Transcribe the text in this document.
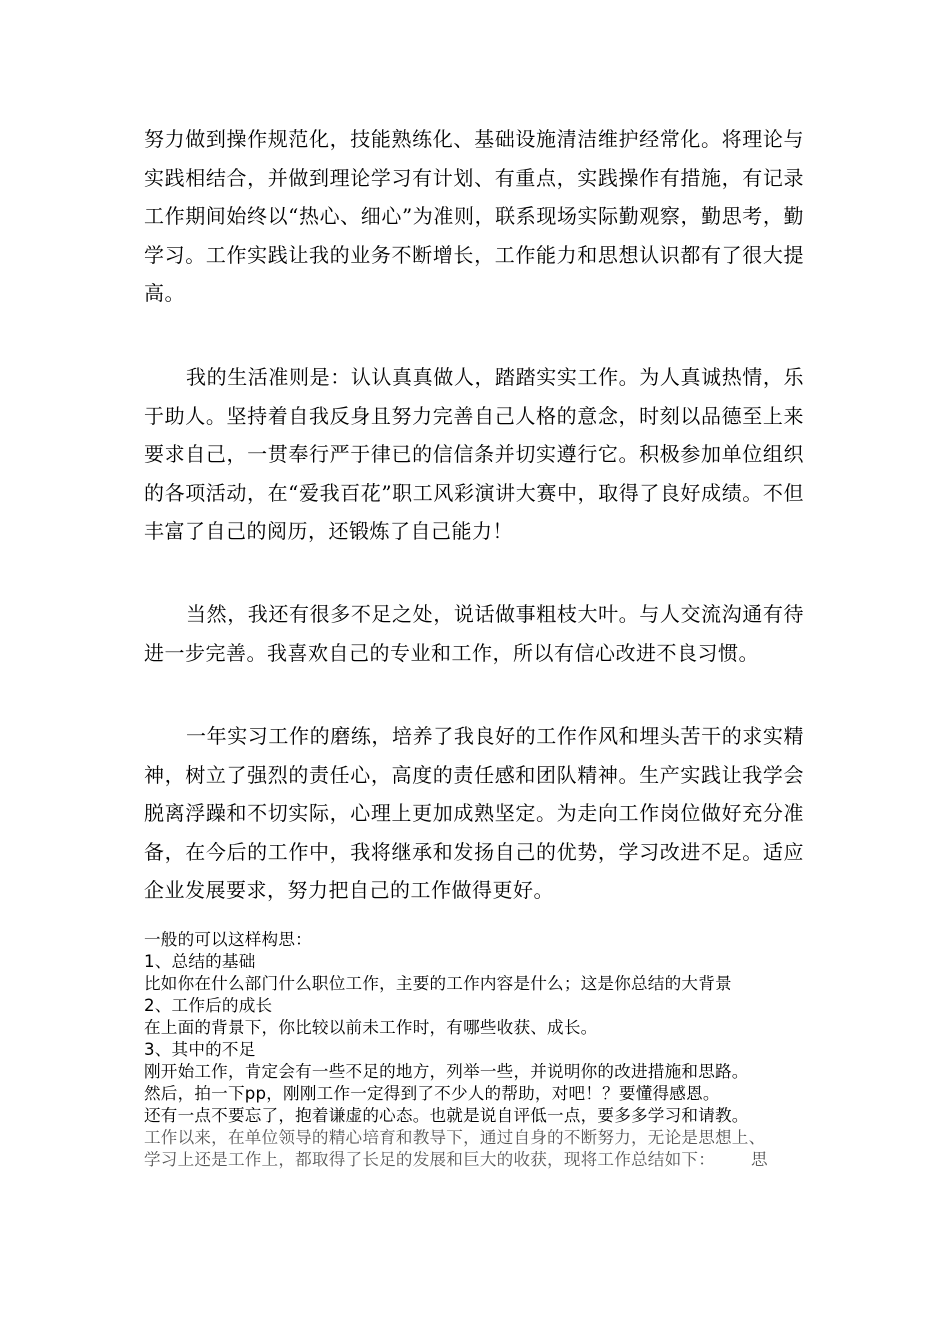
努力做到操作规范化，技能熟练化、基础设施清洁维护经常化。将理论与实践相结合，并做到理论学习有计划、有重点，实践操作有措施，有记录工作期间始终以“热心、细心”为准则，联系现场实际勤观察，勤思考，勤学习。工作实践让我的业务不断增长，工作能力和思想认识都有了很大提高。

我的生活准则是：认认真真做人，踏踏实实工作。为人真诚热情，乐于助人。坚持着自我反身且努力完善自己人格的意念，时刻以品德至上来要求自己，一贯奉行严于律已的信信条并切实遵行它。积极参加单位组织的各项活动，在“爱我百花”职工风彩演讲大赛中，取得了良好成绩。不但丰富了自己的阅历，还锻炼了自己能力！

当然，我还有很多不足之处，说话做事粗枝大叶。与人交流沟通有待进一步完善。我喜欢自己的专业和工作，所以有信心改进不良习惯。

一年实习工作的磨练，培养了我良好的工作作风和埋头苦干的求实精神，树立了强烈的责任心，高度的责任感和团队精神。生产实践让我学会脱离浮躁和不切实际，心理上更加成熟坚定。为走向工作岗位做好充分准备，在今后的工作中，我将继承和发扬自己的优势，学习改进不足。适应企业发展要求，努力把自己的工作做得更好。

一般的可以这样构思：
1、总结的基础
比如你在什么部门什么职位工作，主要的工作内容是什么；这是你总结的大背景
2、工作后的成长
在上面的背景下，你比较以前未工作时，有哪些收获、成长。
3、其中的不足
刚开始工作，肯定会有一些不足的地方，列举一些，并说明你的改进措施和思路。
然后，拍一下pp，刚刚工作一定得到了不少人的帮助，对吧！？要懂得感恩。
还有一点不要忘了，抱着谦虚的心态。也就是说自评低一点，要多多学习和请教。
工作以来，在单位领导的精心培育和教导下，通过自身的不断努力，无论是思想上、
学习上还是工作上，都取得了长足的发展和巨大的收获，现将工作总结如下： 思
